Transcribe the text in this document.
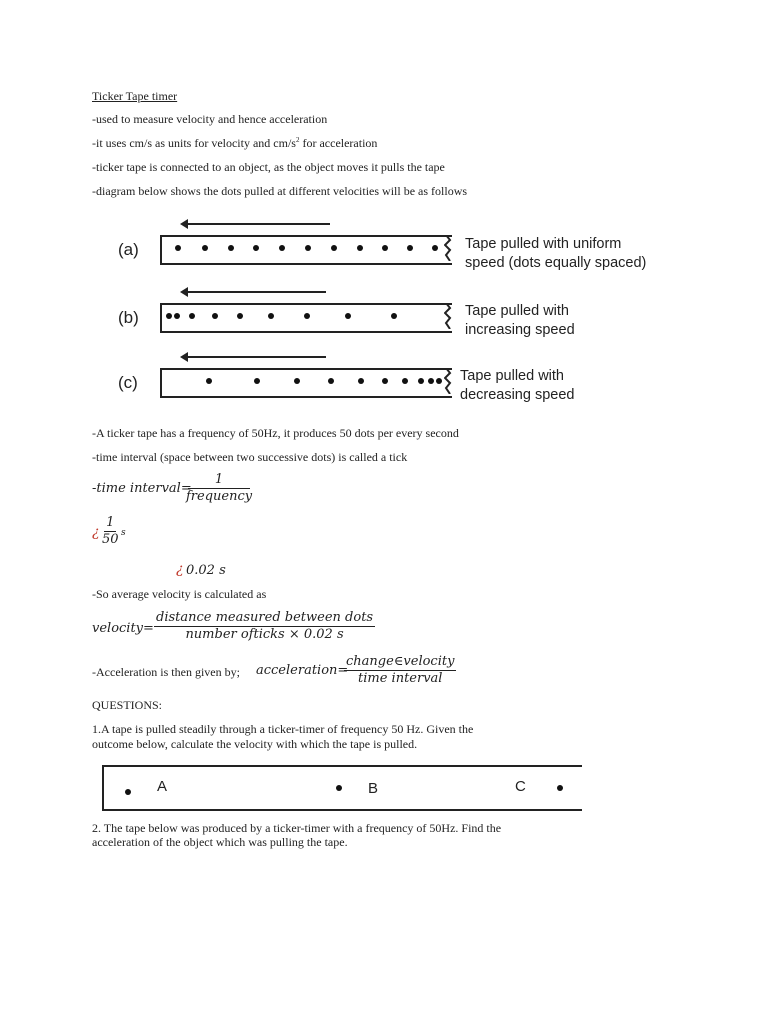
Ticker Tape timer
-used to measure velocity and hence acceleration
-it uses cm/s as units for velocity and $cm/s^2$ for acceleration
-ticker tape is connected to an object, as the object moves it pulls the tape
-diagram below shows the dots pulled at different velocities will be as follows
(a)	Tape pulled with uniform
speed (dots equally spaced)
(b)	Tape pulled with
increasing speed
(c)	Tape pulled with
decreasing speed
-A ticker tape has a frequency of 50Hz, it produces 50 dots per every second
-time interval (space between two successive dots) is called a tick
-time interval=
1
frequency
¿ $\frac{1}{50}$ s
¿ 0.02 s
-So average velocity is calculated as
velocity=
distance measured between dots
number ofticks × 0.02 s
-Acceleration is then given by; acceleration=
change∈velocity
time interval
QUESTIONS:
1.A tape is pulled steadily through a ticker-timer of frequency 50 Hz. Given the
outcome below, calculate the velocity with which the tape is pulled.
A	B	C
2. The tape below was produced by a ticker-timer with a frequency of 50Hz. Find the
acceleration of the object which was pulling the tape.
